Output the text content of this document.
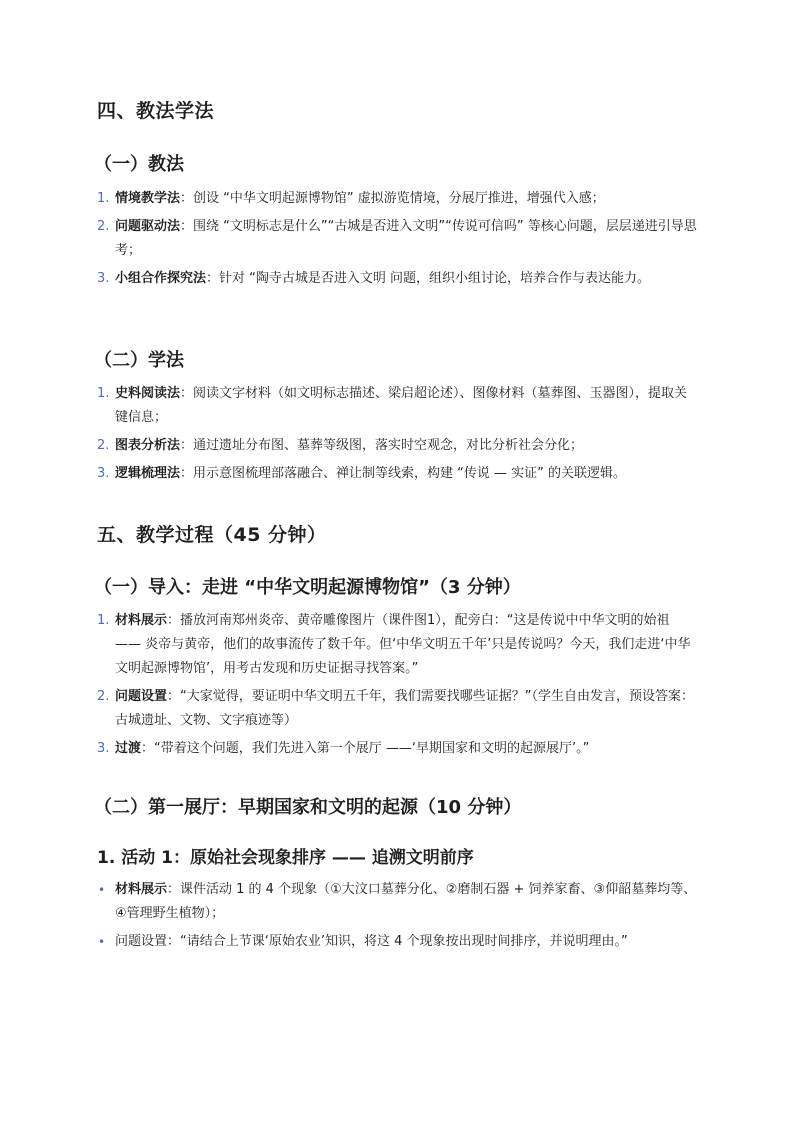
四、教法学法
（一）教法
1. 情境教学法：创设 “中华文明起源博物馆” 虚拟游览情境，分展厅推进，增强代入感；
2. 问题驱动法：围绕 “文明标志是什么”“古城是否进入文明”“传说可信吗” 等核心问题，层层递进引导思考；
3. 小组合作探究法：针对 “陶寺古城是否进入文明 问题，组织小组讨论，培养合作与表达能力。
（二）学法
1. 史料阅读法：阅读文字材料（如文明标志描述、梁启超论述）、图像材料（墓葬图、玉器图），提取关键信息；
2. 图表分析法：通过遗址分布图、墓葬等级图，落实时空观念，对比分析社会分化；
3. 逻辑梳理法：用示意图梳理部落融合、禅让制等线索，构建 “传说 — 实证” 的关联逻辑。
五、教学过程（45 分钟）
（一）导入：走进 “中华文明起源博物馆”（3 分钟）
1. 材料展示：播放河南郑州炎帝、黄帝雕像图片（课件图1），配旁白：“这是传说中中华文明的始祖 —— 炎帝与黄帝，他们的故事流传了数千年。但‘中华文明五千年’只是传说吗？今天，我们走进‘中华文明起源博物馆’，用考古发现和历史证据寻找答案。”
2. 问题设置：“大家觉得，要证明中华文明五千年，我们需要找哪些证据？”（学生自由发言，预设答案：古城遗址、文物、文字痕迹等）
3. 过渡：“带着这个问题，我们先进入第一个展厅 ——‘早期国家和文明的起源展厅’。”
（二）第一展厅：早期国家和文明的起源（10 分钟）
1. 活动 1：原始社会现象排序 —— 追溯文明前序
• 材料展示：课件活动 1 的 4 个现象（①大汶口墓葬分化、②磨制石器 + 饲养家畜、③仰韶墓葬均等、④管理野生植物）；
• 问题设置：“请结合上节课‘原始农业’知识，将这 4 个现象按出现时间排序，并说明理由。”
